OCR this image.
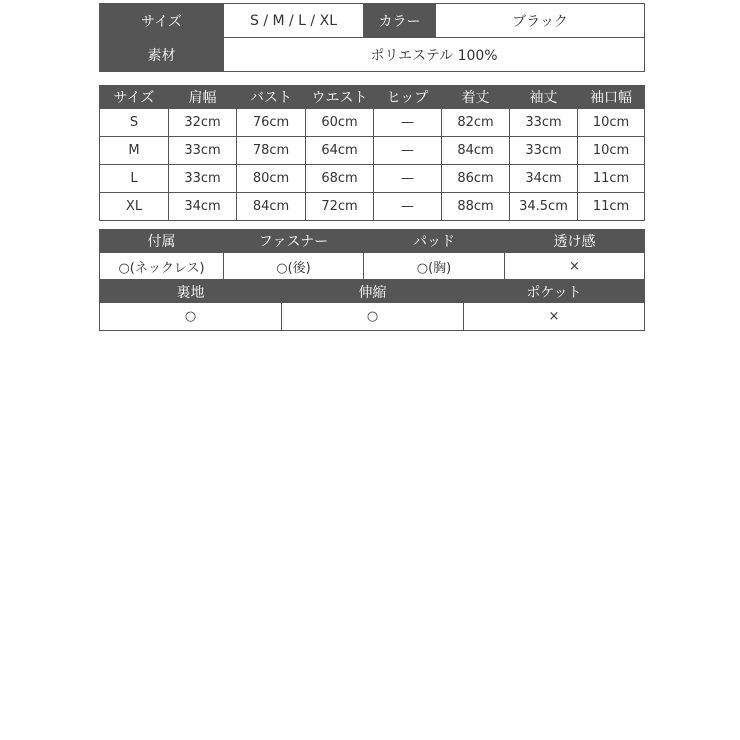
サイズ	S / M / L / XL	カラー	ブラック
素材	ポリエステル 100%		
サイズ	肩幅	バスト	ウエスト	ヒップ	着丈	袖丈	袖口幅
S	32cm	76cm	60cm	—	82cm	33cm	10cm
M	33cm	78cm	64cm	—	84cm	33cm	10cm
L	33cm	80cm	68cm	—	86cm	34cm	11cm
XL	34cm	84cm	72cm	—	88cm	34.5cm	11cm
付属	ファスナー	パッド	透け感
○(ネックレス)	○(後)	○(胸)	×
裏地	伸縮	ポケット
○	○	×
